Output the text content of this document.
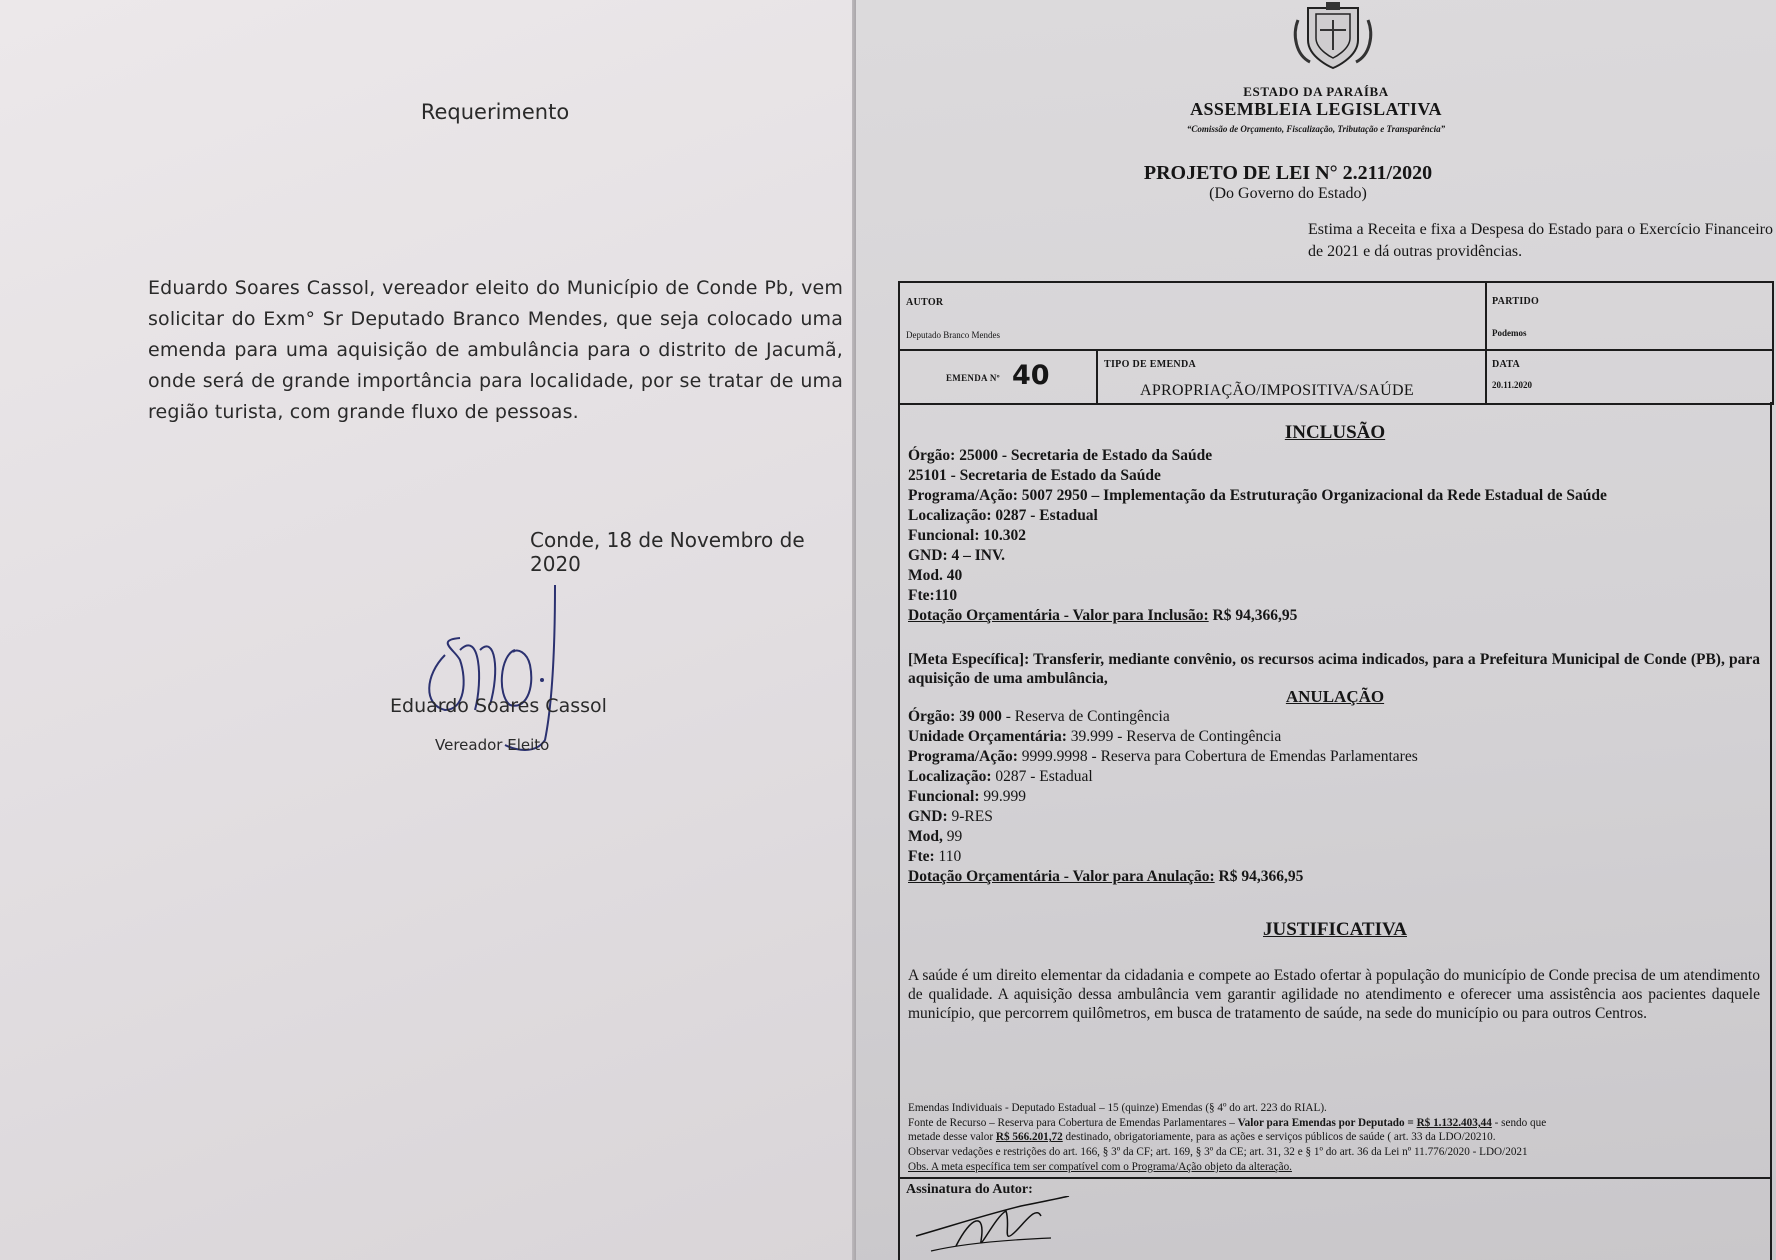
Requerimento
Eduardo Soares Cassol, vereador eleito do Município de Conde Pb, vem solicitar do Exm° Sr Deputado Branco Mendes, que seja colocado uma emenda para uma aquisição de ambulância para o distrito de Jacumã, onde será de grande importância para localidade, por se tratar de uma região turista, com grande fluxo de pessoas.
Conde, 18 de Novembro de 2020
Eduardo Soares Cassol
Vereador Eleito
ESTADO DA PARAÍBA
ASSEMBLEIA LEGISLATIVA
“Comissão de Orçamento, Fiscalização, Tributação e Transparência”
PROJETO DE LEI N° 2.211/2020
(Do Governo do Estado)
Estima a Receita e fixa a Despesa do Estado para o Exercício Financeiro de 2021 e dá outras providências.
AUTOR
Deputado Branco Mendes
PARTIDO
Podemos
EMENDA Nº 40	TIPO DE EMENDA
APROPRIAÇÃO/IMPOSITIVA/SAÚDE
DATA
20.11.2020
INCLUSÃO
Órgão: 25000 - Secretaria de Estado da Saúde
25101 - Secretaria de Estado da Saúde
Programa/Ação: 5007 2950 – Implementação da Estruturação Organizacional da Rede Estadual de Saúde
Localização: 0287 - Estadual
Funcional: 10.302
GND: 4 – INV.
Mod. 40
Fte:110
Dotação Orçamentária - Valor para Inclusão: R$ 94,366,95
[Meta Específica]: Transferir, mediante convênio, os recursos acima indicados, para a Prefeitura Municipal de Conde (PB), para aquisição de uma ambulância,
ANULAÇÃO
Órgão: 39 000 - Reserva de Contingência
Unidade Orçamentária: 39.999 - Reserva de Contingência
Programa/Ação: 9999.9998 - Reserva para Cobertura de Emendas Parlamentares
Localização: 0287 - Estadual
Funcional: 99.999
GND: 9-RES
Mod, 99
Fte: 110
Dotação Orçamentária - Valor para Anulação: R$ 94,366,95
JUSTIFICATIVA
A saúde é um direito elementar da cidadania e compete ao Estado ofertar à população do município de Conde precisa de um atendimento de qualidade. A aquisição dessa ambulância vem garantir agilidade no atendimento e oferecer uma assistência aos pacientes daquele município, que percorrem quilômetros, em busca de tratamento de saúde, na sede do município ou para outros Centros.
Emendas Individuais - Deputado Estadual – 15 (quinze) Emendas (§ 4º do art. 223 do RIAL).
Fonte de Recurso – Reserva para Cobertura de Emendas Parlamentares – Valor para Emendas por Deputado = R$ 1.132.403,44 - sendo que
metade desse valor R$ 566.201,72 destinado, obrigatoriamente, para as ações e serviços públicos de saúde ( art. 33 da LDO/20210.
Observar vedações e restrições do art. 166, § 3º da CF; art. 169, § 3º da CE; art. 31, 32 e § 1º do art. 36 da Lei nº 11.776/2020 - LDO/2021
Obs. A meta específica tem ser compatível com o Programa/Ação objeto da alteração.
Assinatura do Autor:
